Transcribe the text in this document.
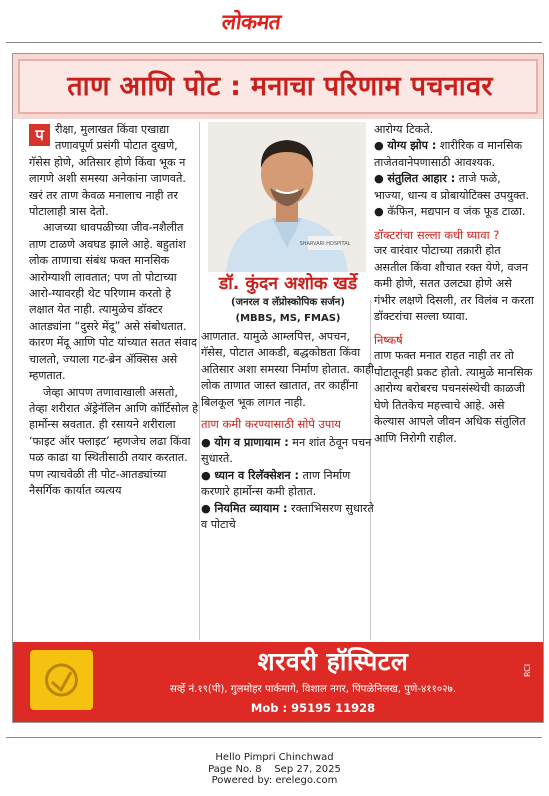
लोकमत
ताण आणि पोट : मनाचा परिणाम पचनावर

प	रीक्षा, मुलाखत किंवा एखाद्या तणावपूर्ण प्रसंगी पोटात दुखणे, गॅसेस होणे, अतिसार होणे किंवा भूक न लागणे अशी समस्या अनेकांना जाणवते. खरं तर ताण केवळ मनालाच नाही तर पोटालाही त्रास देतो.

आजच्या धावपळीच्या जीव-नशैलीत ताण टाळणे अवघड झाले आहे. बहुतांश लोक ताणाचा संबंध फक्त मानसिक आरोग्याशी लावतात; पण तो पोटाच्या आरो-ग्यावरही थेट परिणाम करतो हे लक्षात येत नाही. त्यामुळेच डॉक्टर आतड्यांना “दुसरे मेंदू” असे संबोधतात. कारण मेंदू आणि पोट यांच्यात सतत संवाद चालतो, ज्याला गट-ब्रेन ॲक्सिस असे म्हणतात.

जेव्हा आपण तणावाखाली असतो, तेव्हा शरीरात ॲड्रेनॅलिन आणि कॉर्टिसोल हे हार्मोन्स स्रवतात. ही रसायने शरीराला ‘फाइट ऑर फ्लाइट’ म्हणजेच लढा किंवा पळ काढा या स्थितीसाठी तयार करतात. पण त्याचवेळी ती पोट-आतड्यांच्या नैसर्गिक कार्यात व्यत्यय

SHARVARI HOSPITAL
डॉ. कुंदन अशोक खर्डे
(जनरल व लॅप्रोस्कोपिक सर्जन)
(MBBS, MS, FMAS)

आणतात. यामुळे आम्लपित्त, अपचन, गॅसेस, पोटात आकडी, बद्धकोष्ठता किंवा अतिसार अशा समस्या निर्माण होतात. काही लोक ताणात जास्त खातात, तर काहींना बिलकूल भूक लागत नाही.

ताण कमी करण्यासाठी सोपे उपाय

● योग व प्राणायाम : मन शांत ठेवून पचन सुधारते.

● ध्यान व रिलॅक्सेशन : ताण निर्माण करणारे हार्मोन्स कमी होतात.

● नियमित व्यायाम : रक्ताभिसरण सुधारते व पोटाचे

आरोग्य टिकते.

● योग्य झोप : शारीरिक व मानसिक ताजेतवानेपणासाठी आवश्यक.

● संतुलित आहार : ताजे फळे, भाज्या, धान्य व प्रोबायोटिक्स उपयुक्त.

● कॅफिन, मद्यपान व जंक फूड टाळा.

डॉक्टरांचा सल्ला कधी घ्यावा ?

जर वारंवार पोटाच्या तक्रारी होत असतील किंवा शौचात रक्त येणे, वजन कमी होणे, सतत उलट्या होणे असे गंभीर लक्षणे दिसली, तर विलंब न करता डॉक्टरांचा सल्ला घ्यावा.

निष्कर्ष

ताण फक्त मनात राहत नाही तर तो पोटातूनही प्रकट होतो. त्यामुळे मानसिक आरोग्य बरोबरच पचनसंस्थेची काळजी घेणे तितकेच महत्त्वाचे आहे. असे केल्यास आपले जीवन अधिक संतुलित आणि निरोगी राहील.

शरवरी हॉस्पिटल
सर्व्हे नं.१९(पी), गुलमोहर पार्कमागे, विशाल नगर, पिंपळेनिलख, पुणे-४११०२७.
Mob : 95195 11928
RCI
Hello Pimpri Chinchwad
Page No. 8    Sep 27, 2025
Powered by: erelego.com
